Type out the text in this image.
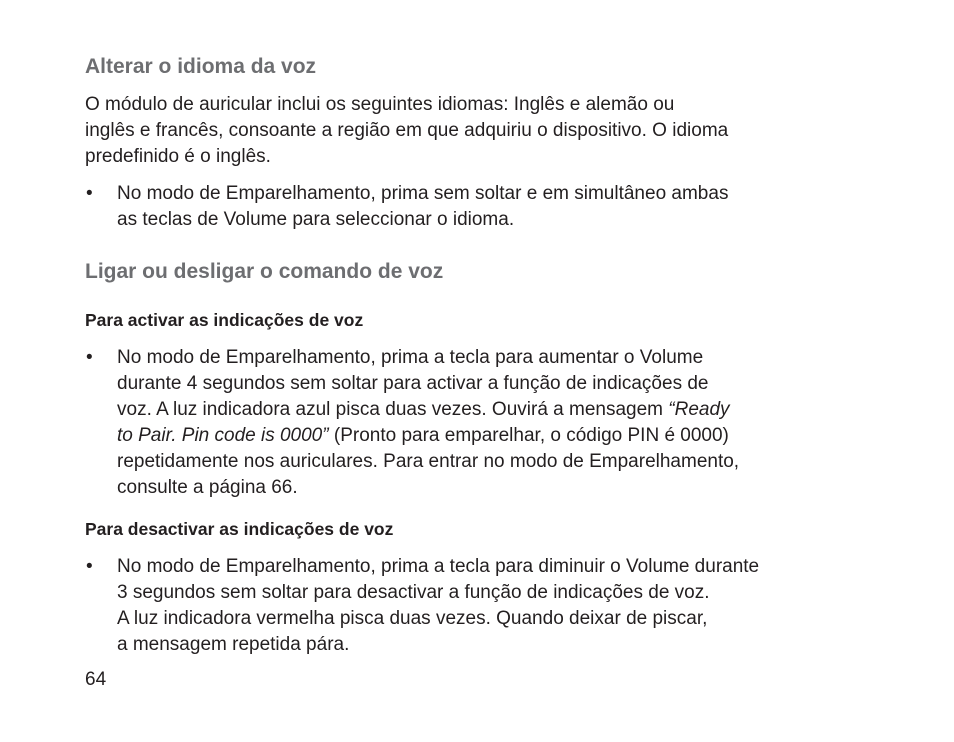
Alterar o idioma da voz
O módulo de auricular inclui os seguintes idiomas: Inglês e alemão ou
inglês e francês, consoante a região em que adquiriu o dispositivo. O idioma
predefinido é o inglês.
• No modo de Emparelhamento, prima sem soltar e em simultâneo ambas
as teclas de Volume para seleccionar o idioma.
Ligar ou desligar o comando de voz
Para activar as indicações de voz
• No modo de Emparelhamento, prima a tecla para aumentar o Volume
durante 4 segundos sem soltar para activar a função de indicações de
voz. A luz indicadora azul pisca duas vezes. Ouvirá a mensagem “Ready
to Pair. Pin code is 0000” (Pronto para emparelhar, o código PIN é 0000)
repetidamente nos auriculares. Para entrar no modo de Emparelhamento,
consulte a página 66.
Para desactivar as indicações de voz
• No modo de Emparelhamento, prima a tecla para diminuir o Volume durante
3 segundos sem soltar para desactivar a função de indicações de voz.
A luz indicadora vermelha pisca duas vezes. Quando deixar de piscar,
a mensagem repetida pára.
64
